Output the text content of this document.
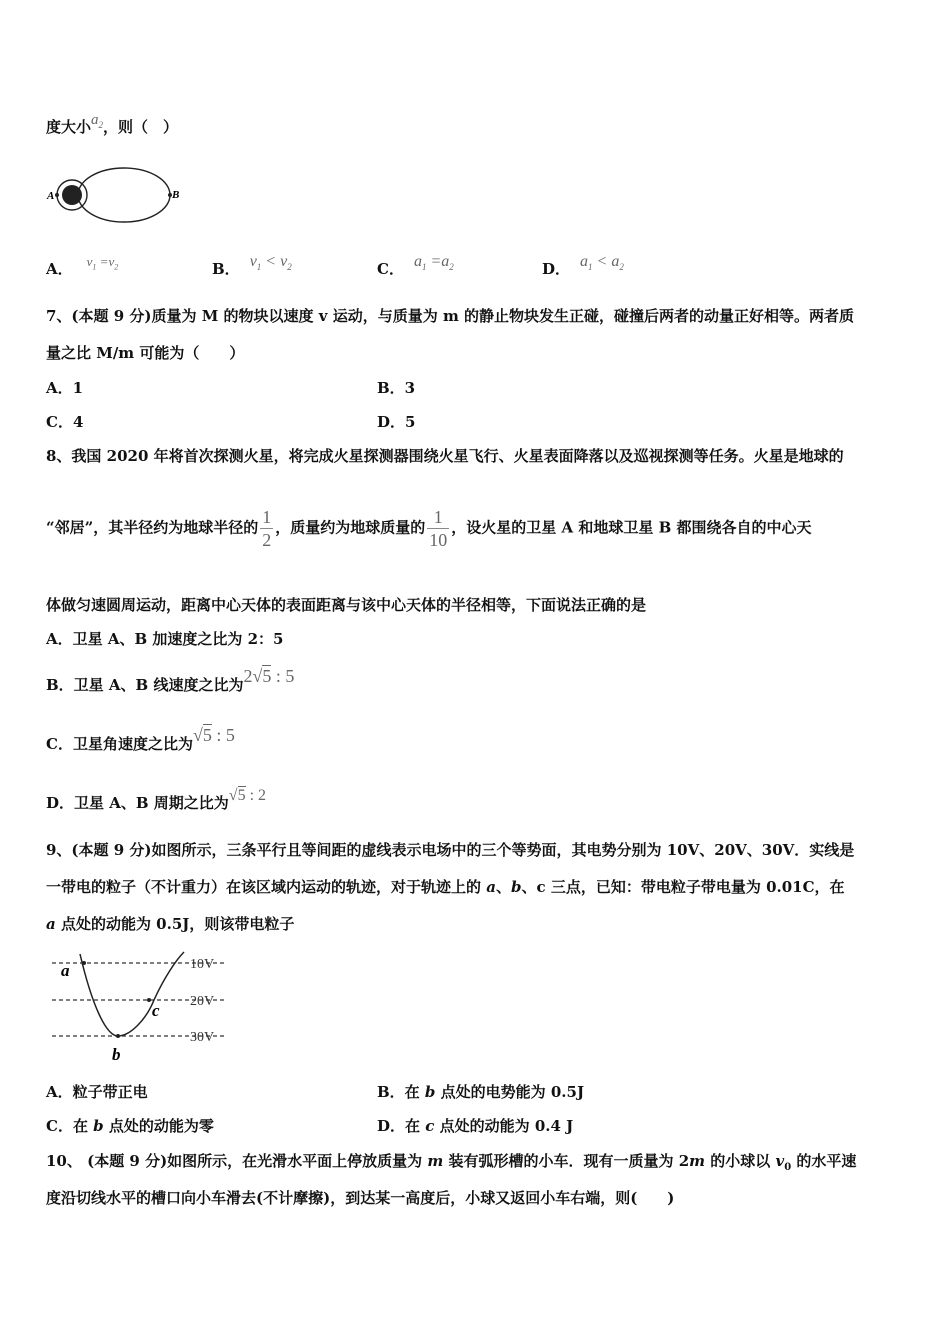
度大小$a_2$，则（　）
A	B
A． $v_1 =v_2$	B． $v_1 < v_2$	C． $a_1 =a_2$	D． $a_1 < a_2$
7、(本题 9 分)质量为 M 的物块以速度 v 运动，与质量为 m 的静止物块发生正碰，碰撞后两者的动量正好相等。两者质
量之比 M/m 可能为（　　）
A．1	B．3
C．4	D．5
8、我国 2020 年将首次探测火星，将完成火星探测器围绕火星飞行、火星表面降落以及巡视探测等任务。火星是地球的
“邻居”，其半径约为地球半径的 $\frac{1}{2}$ ，质量约为地球质量的 $\frac{1}{10}$ ，设火星的卫星 A 和地球卫星 B 都围绕各自的中心天
体做匀速圆周运动，距离中心天体的表面距离与该中心天体的半径相等，下面说法正确的是
A．卫星 A、B 加速度之比为 2：5
B．卫星 A、B 线速度之比为2√5 : 5
C．卫星角速度之比为√5 : 5
D．卫星 A、B 周期之比为√5 : 2
9、(本题 9 分)如图所示，三条平行且等间距的虚线表示电场中的三个等势面，其电势分别为 10V、20V、30V．实线是
一带电的粒子（不计重力）在该区域内运动的轨迹，对于轨迹上的 a、b、c 三点，已知：带电粒子带电量为 0.01C，在
a 点处的动能为 0.5J，则该带电粒子
a
b
c
10V
20V
30V
A．粒子带正电	B．在 b 点处的电势能为 0.5J
C．在 b 点处的动能为零	D．在 c 点处的动能为 0.4 J
10、 (本题 9 分)如图所示，在光滑水平面上停放质量为 m 装有弧形槽的小车．现有一质量为 2m 的小球以 $v_0$ 的水平速
度沿切线水平的槽口向小车滑去(不计摩擦)，到达某一高度后，小球又返回小车右端，则(　　)
